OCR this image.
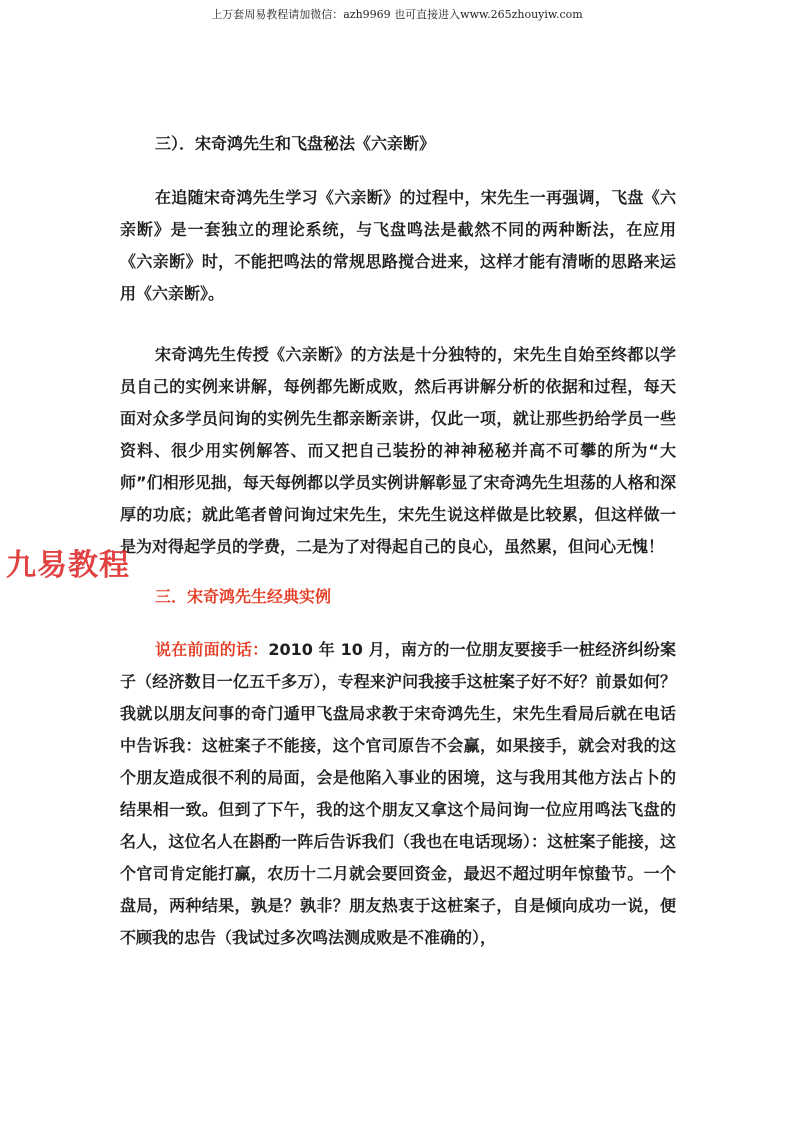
上万套周易教程请加微信：azh9969 也可直接进入www.265zhouyiw.com

三）．宋奇鸿先生和飞盘秘法《六亲断》

在追随宋奇鸿先生学习《六亲断》的过程中，宋先生一再强调，飞盘《六亲断》是一套独立的理论系统，与飞盘鸣法是截然不同的两种断法，在应用《六亲断》时，不能把鸣法的常规思路搅合进来，这样才能有清晰的思路来运用《六亲断》。

宋奇鸿先生传授《六亲断》的方法是十分独特的，宋先生自始至终都以学员自己的实例来讲解，每例都先断成败，然后再讲解分析的依据和过程，每天面对众多学员问询的实例先生都亲断亲讲，仅此一项，就让那些扔给学员一些资料、很少用实例解答、而又把自己装扮的神神秘秘并高不可攀的所为“大师”们相形见拙，每天每例都以学员实例讲解彰显了宋奇鸿先生坦荡的人格和深厚的功底；就此笔者曾问询过宋先生，宋先生说这样做是比较累，但这样做一是为对得起学员的学费，二是为了对得起自己的良心，虽然累，但问心无愧！

三．宋奇鸿先生经典实例

说在前面的话：2010 年 10 月，南方的一位朋友要接手一桩经济纠纷案子（经济数目一亿五千多万），专程来沪问我接手这桩案子好不好？前景如何？我就以朋友问事的奇门遁甲飞盘局求教于宋奇鸿先生，宋先生看局后就在电话中告诉我：这桩案子不能接，这个官司原告不会赢，如果接手，就会对我的这个朋友造成很不利的局面，会是他陷入事业的困境，这与我用其他方法占卜的结果相一致。但到了下午，我的这个朋友又拿这个局问询一位应用鸣法飞盘的名人，这位名人在斟酌一阵后告诉我们（我也在电话现场）：这桩案子能接，这个官司肯定能打赢，农历十二月就会要回资金，最迟不超过明年惊蛰节。一个盘局，两种结果，孰是？孰非？朋友热衷于这桩案子，自是倾向成功一说，便不顾我的忠告（我试过多次鸣法测成败是不准确的），

九易教程
